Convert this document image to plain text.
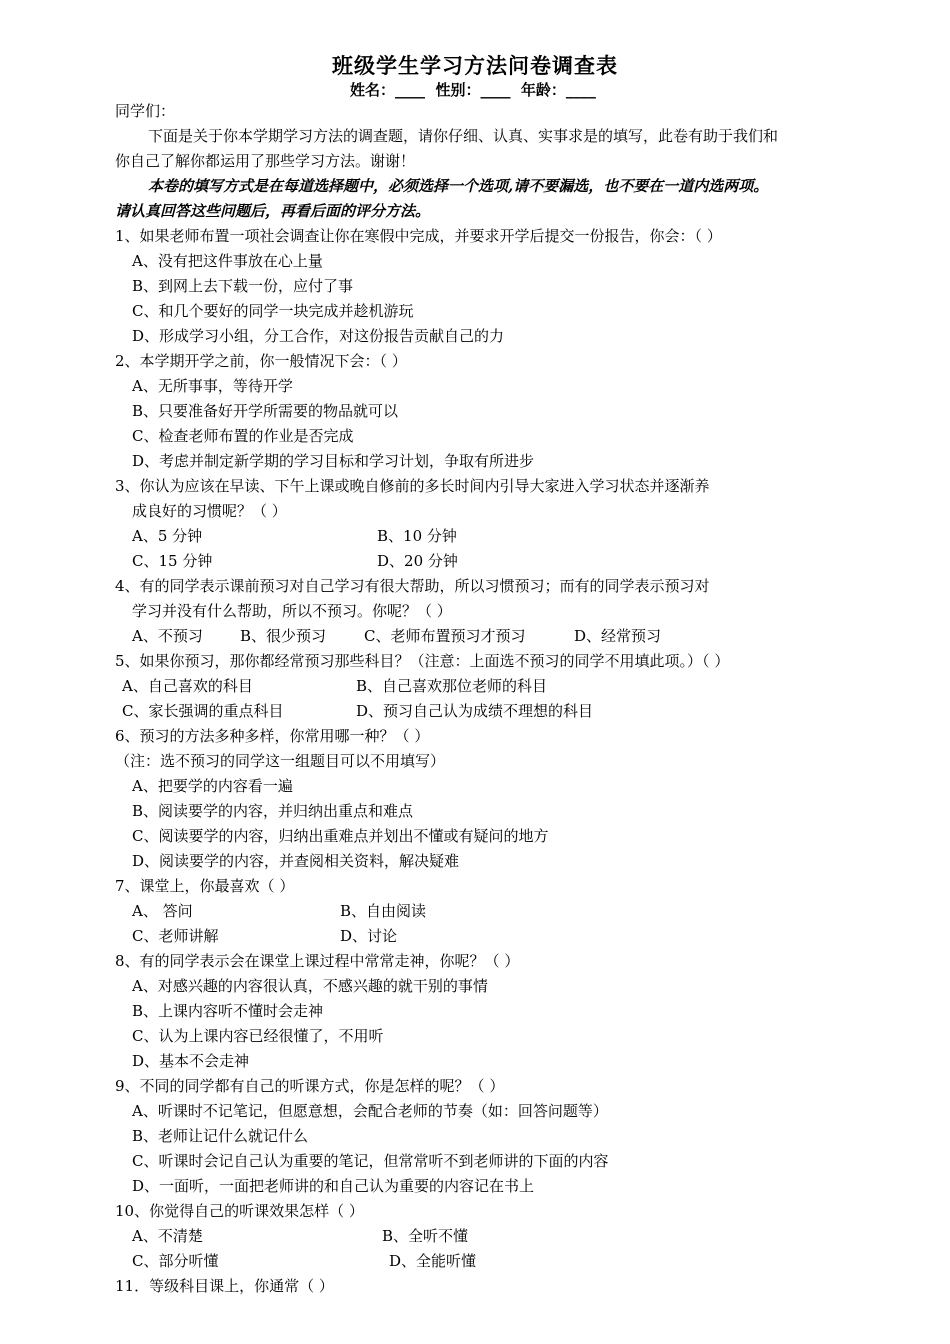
班级学生学习方法问卷调查表
姓名：____  性别：____  年龄：____
同学们：
下面是关于你本学期学习方法的调查题，请你仔细、认真、实事求是的填写，此卷有助于我们和
你自己了解你都运用了那些学习方法。谢谢！
本卷的填写方式是在每道选择题中，必须选择一个选项,请不要漏选，也不要在一道内选两项。
请认真回答这些问题后，再看后面的评分方法。
1、如果老师布置一项社会调查让你在寒假中完成，并要求开学后提交一份报告，你会：（ ）
A、没有把这件事放在心上量
B、到网上去下载一份，应付了事
C、和几个要好的同学一块完成并趁机游玩
D、形成学习小组，分工合作，对这份报告贡献自己的力
2、本学期开学之前，你一般情况下会：（ ）
A、无所事事，等待开学
B、只要准备好开学所需要的物品就可以
C、检查老师布置的作业是否完成
D、考虑并制定新学期的学习目标和学习计划，争取有所进步
3、你认为应该在早读、下午上课或晚自修前的多长时间内引导大家进入学习状态并逐渐养
成良好的习惯呢？（ ）
A、5 分钟	B、10 分钟
C、15 分钟	D、20 分钟
4、有的同学表示课前预习对自己学习有很大帮助，所以习惯预习；而有的同学表示预习对
学习并没有什么帮助，所以不预习。你呢？（ ）
A、不预习 B、很少预习	C、老师布置预习才预习	D、经常预习
5、如果你预习，那你都经常预习那些科目？（注意：上面选不预习的同学不用填此项。）（ ）
A、自己喜欢的科目	B、自己喜欢那位老师的科目
C、家长强调的重点科目	D、预习自己认为成绩不理想的科目
6、预习的方法多种多样，你常用哪一种？（ ）
（注：选不预习的同学这一组题目可以不用填写）
A、把要学的内容看一遍
B、阅读要学的内容，并归纳出重点和难点
C、阅读要学的内容，归纳出重难点并划出不懂或有疑问的地方
D、阅读要学的内容，并查阅相关资料，解决疑难
7、课堂上，你最喜欢（ ）
A、 答问	B、自由阅读
C、老师讲解	D、讨论
8、有的同学表示会在课堂上课过程中常常走神，你呢？（ ）
A、对感兴趣的内容很认真，不感兴趣的就干别的事情
B、上课内容听不懂时会走神
C、认为上课内容已经很懂了，不用听
D、基本不会走神
9、不同的同学都有自己的听课方式，你是怎样的呢？（ ）
A、听课时不记笔记，但愿意想，会配合老师的节奏（如：回答问题等）
B、老师让记什么就记什么
C、听课时会记自己认为重要的笔记，但常常听不到老师讲的下面的内容
D、一面听，一面把老师讲的和自己认为重要的内容记在书上
10、你觉得自己的听课效果怎样（ ）
A、不清楚	B、全听不懂
C、部分听懂	D、全能听懂
11．等级科目课上，你通常（ ）
